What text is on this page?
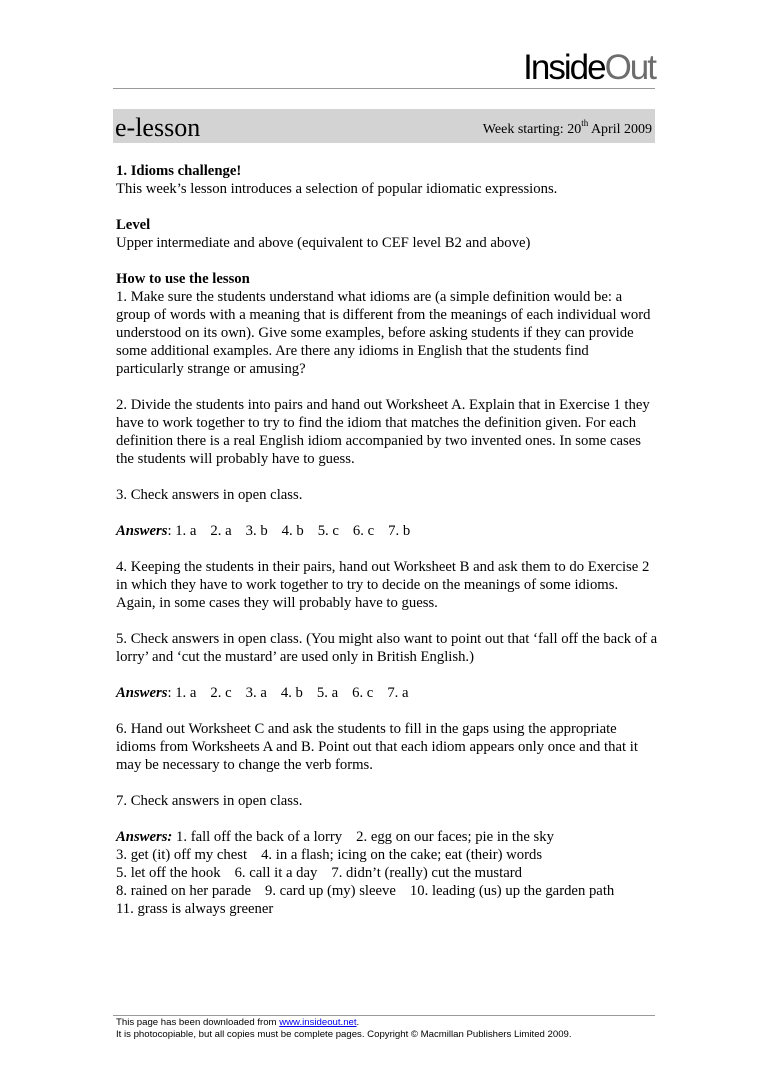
InsideOut
e-lesson	Week starting: 20th April 2009

1. Idioms challenge!
This week’s lesson introduces a selection of popular idiomatic expressions.

Level
Upper intermediate and above (equivalent to CEF level B2 and above)

How to use the lesson
1. Make sure the students understand what idioms are (a simple definition would be: a group of words with a meaning that is different from the meanings of each individual word understood on its own). Give some examples, before asking students if they can provide some additional examples. Are there any idioms in English that the students find particularly strange or amusing?

2. Divide the students into pairs and hand out Worksheet A. Explain that in Exercise 1 they have to work together to try to find the idiom that matches the definition given. For each definition there is a real English idiom accompanied by two invented ones. In some cases the students will probably have to guess.

3. Check answers in open class.

Answers: 1. a 2. a 3. b 4. b 5. c 6. c 7. b

4. Keeping the students in their pairs, hand out Worksheet B and ask them to do Exercise 2 in which they have to work together to try to decide on the meanings of some idioms. Again, in some cases they will probably have to guess.

5. Check answers in open class. (You might also want to point out that ‘fall off the back of a lorry’ and ‘cut the mustard’ are used only in British English.)

Answers: 1. a 2. c 3. a 4. b 5. a 6. c 7. a

6. Hand out Worksheet C and ask the students to fill in the gaps using the appropriate idioms from Worksheets A and B. Point out that each idiom appears only once and that it may be necessary to change the verb forms.

7. Check answers in open class.

Answers: 1. fall off the back of a lorry 2. egg on our faces; pie in the sky
3. get (it) off my chest 4. in a flash; icing on the cake; eat (their) words
5. let off the hook 6. call it a day 7. didn’t (really) cut the mustard
8. rained on her parade 9. card up (my) sleeve 10. leading (us) up the garden path
11. grass is always greener

This page has been downloaded from www.insideout.net.
It is photocopiable, but all copies must be complete pages. Copyright © Macmillan Publishers Limited 2009.
